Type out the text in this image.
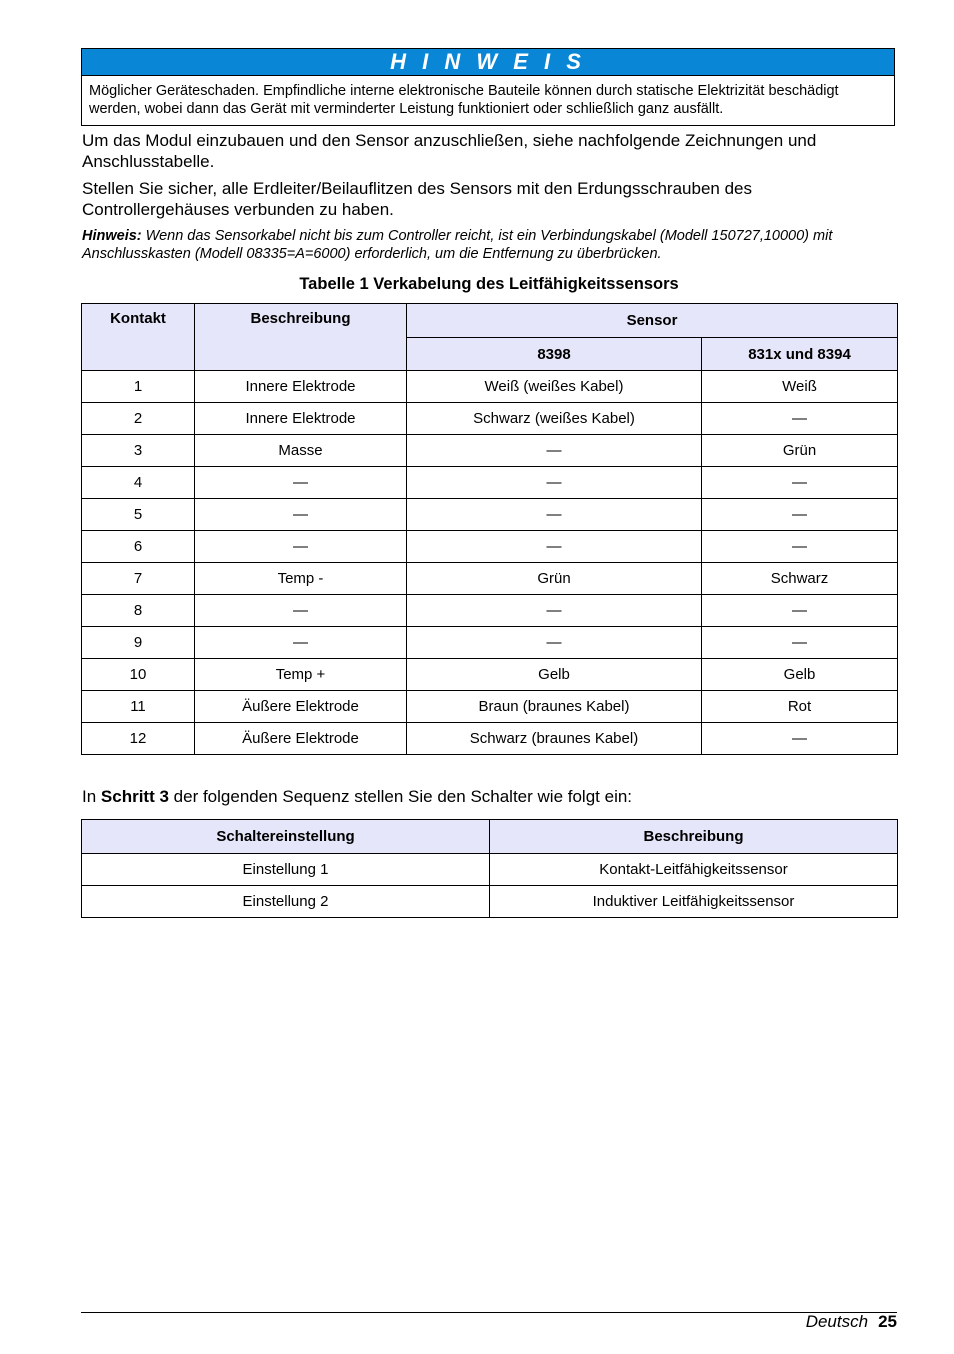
H I N W E I S
Möglicher Geräteschaden. Empfindliche interne elektronische Bauteile können durch statische Elektrizität beschädigt werden, wobei dann das Gerät mit verminderter Leistung funktioniert oder schließlich ganz ausfällt.

Um das Modul einzubauen und den Sensor anzuschließen, siehe nachfolgende Zeichnungen und Anschlusstabelle.

Stellen Sie sicher, alle Erdleiter/Beilauflitzen des Sensors mit den Erdungsschrauben des Controllergehäuses verbunden zu haben.

Hinweis: Wenn das Sensorkabel nicht bis zum Controller reicht, ist ein Verbindungskabel (Modell 150727,10000) mit Anschlusskasten (Modell 08335=A=6000) erforderlich, um die Entfernung zu überbrücken.

Tabelle 1 Verkabelung des Leitfähigkeitssensors
Kontakt	Beschreibung	Sensor	
		8398	831x und 8394
1	Innere Elektrode	Weiß (weißes Kabel)	Weiß
2	Innere Elektrode	Schwarz (weißes Kabel)	—
3	Masse	—	Grün
4	—	—	—
5	—	—	—
6	—	—	—
7	Temp -	Grün	Schwarz
8	—	—	—
9	—	—	—
10	Temp +	Gelb	Gelb
11	Äußere Elektrode	Braun (braunes Kabel)	Rot
12	Äußere Elektrode	Schwarz (braunes Kabel)	—

In Schritt 3 der folgenden Sequenz stellen Sie den Schalter wie folgt ein:

Schaltereinstellung	Beschreibung
Einstellung 1	Kontakt-Leitfähigkeitssensor
Einstellung 2	Induktiver Leitfähigkeitssensor
Deutsch 25
